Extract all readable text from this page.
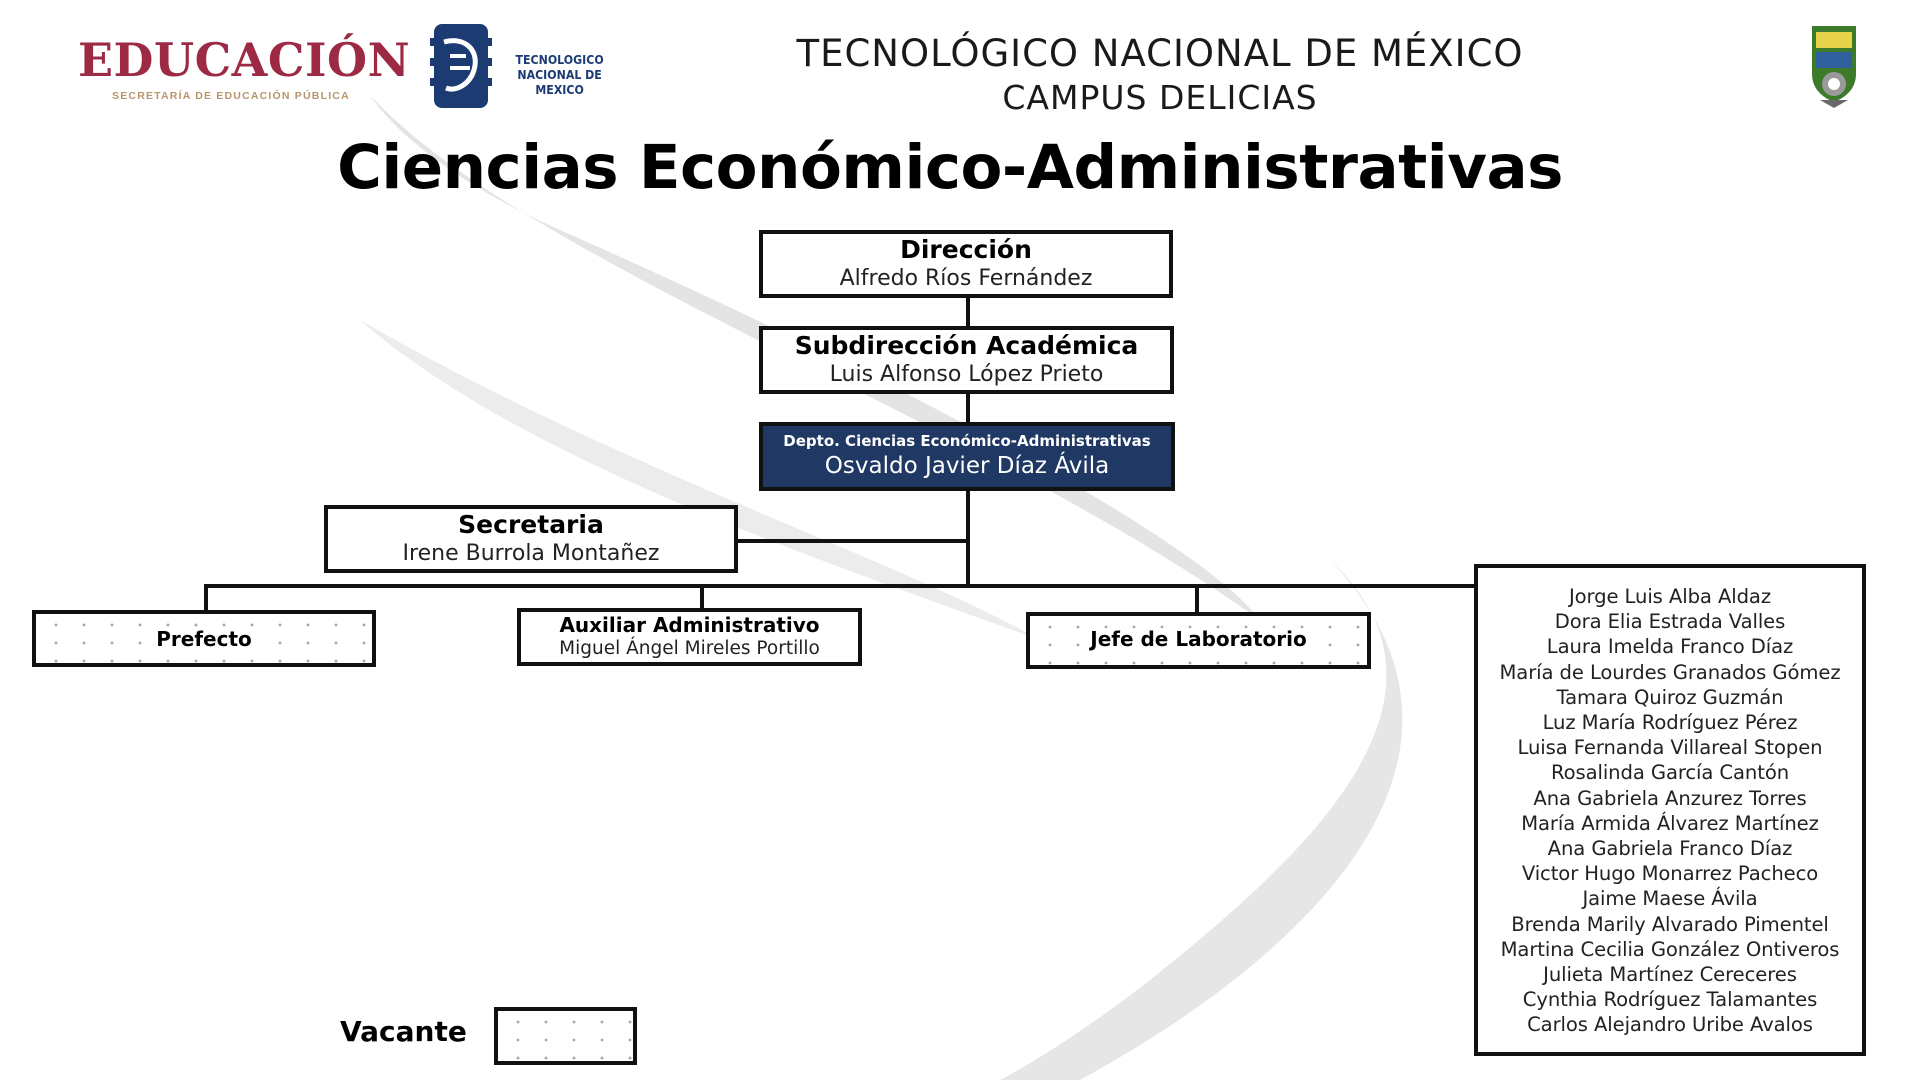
EDUCACIÓN
SECRETARÍA DE EDUCACIÓN PÚBLICA
TECNOLOGICO NACIONAL DE MEXICO
TECNOLÓGICO NACIONAL DE MÉXICO
CAMPUS DELICIAS
Ciencias Económico-Administrativas
Dirección
Alfredo Ríos Fernández
Subdirección Académica
Luis Alfonso López Prieto
Depto. Ciencias Económico-Administrativas
Osvaldo Javier Díaz Ávila
Secretaria
Irene Burrola Montañez
Prefecto
Auxiliar Administrativo
Miguel Ángel Mireles Portillo	Jefe de Laboratorio
Jorge Luis Alba Aldaz
Dora Elia Estrada Valles
Laura Imelda Franco Díaz
María de Lourdes Granados Gómez
Tamara Quiroz Guzmán
Luz María Rodríguez Pérez
Luisa Fernanda Villareal Stopen
Rosalinda García Cantón
Ana Gabriela Anzurez Torres
María Armida Álvarez Martínez
Ana Gabriela Franco Díaz
Victor Hugo Monarrez Pacheco
Jaime Maese Ávila
Brenda Marily Alvarado Pimentel
Martina Cecilia González Ontiveros
Julieta Martínez Cereceres
Cynthia Rodríguez Talamantes
Carlos Alejandro Uribe Avalos
Vacante
